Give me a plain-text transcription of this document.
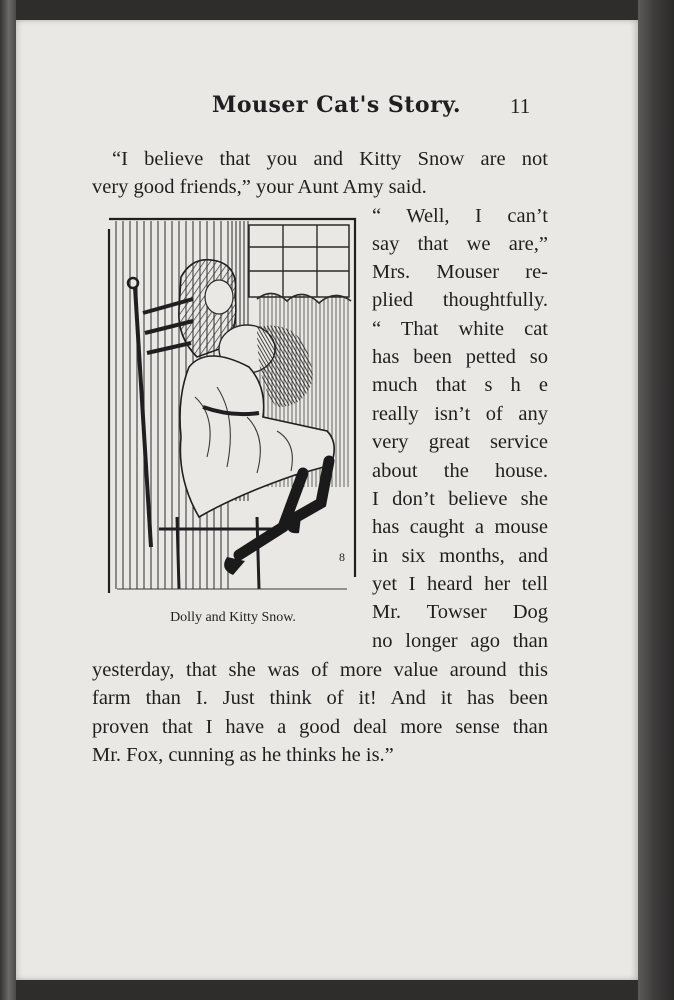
Mouser Cat's Story. 11
“I believe that you and Kitty Snow are not
very good friends,” your Aunt Amy said.
“ Well, I can’t
say that we are,”
Mrs. Mouser re-
plied thoughtfully.
“ That white cat
has been petted so
much that s h e
really isn’t of any
very great service
about the house.
I don’t believe she
has caught a mouse
in six months, and
yet I heard her tell
Mr. Towser Dog
no longer ago than
yesterday, that she was of more value around this
farm than I. Just think of it! And it has been
proven that I have a good deal more sense than
Mr. Fox, cunning as he thinks he is.”
8
Dolly and Kitty Snow.
